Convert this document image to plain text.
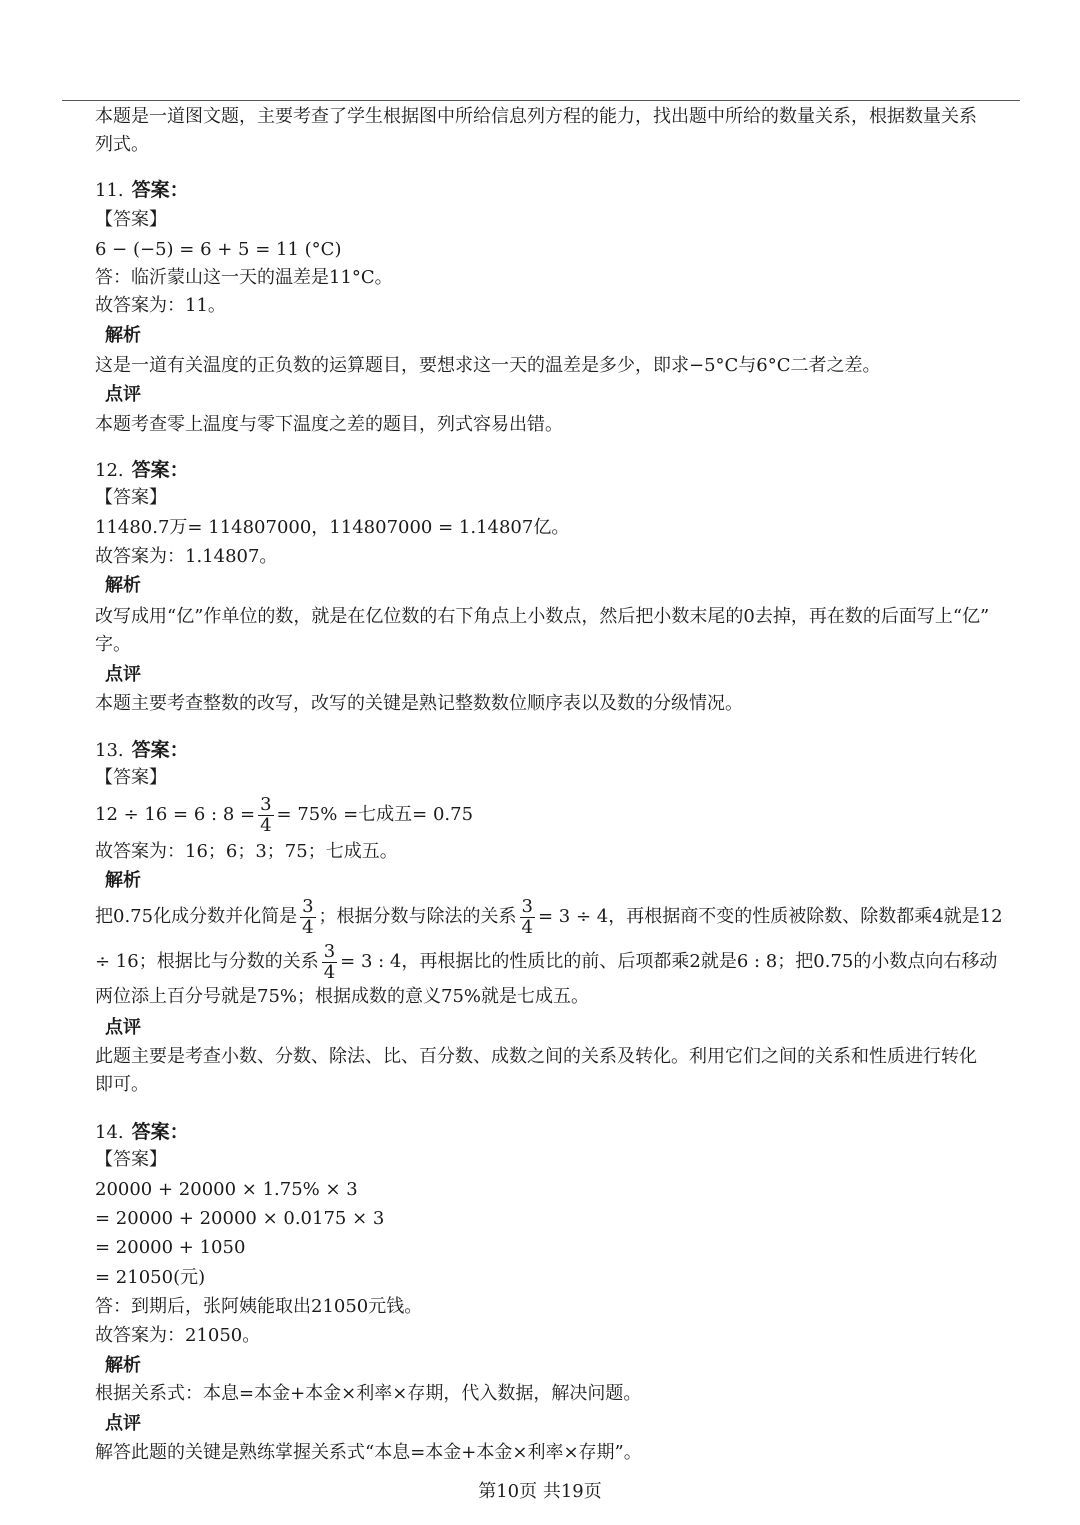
本题是一道图文题，主要考查了学生根据图中所给信息列方程的能力，找出题中所给的数量关系，根据数量关系
列式。
11. 答案：
【答案】
6 − (−5) = 6 + 5 = 11 (°C)
答：临沂蒙山这一天的温差是11°C。
故答案为：11。
解析
这是一道有关温度的正负数的运算题目，要想求这一天的温差是多少，即求−5°C与6°C二者之差。
点评
本题考查零上温度与零下温度之差的题目，列式容易出错。
12. 答案：
【答案】
11480.7万= 114807000，114807000 = 1.14807亿。
故答案为：1.14807。
解析
改写成用“亿”作单位的数，就是在亿位数的右下角点上小数点，然后把小数末尾的0去掉，再在数的后面写上“亿”
字。
点评
本题主要考查整数的改写，改写的关键是熟记整数数位顺序表以及数的分级情况。
13. 答案：
【答案】
12 ÷ 16 = 6 : $8 = \frac{3}{4} = 75\%$ =七成五= 0.75
故答案为：16；6；3；75；七成五。
解析
把0.75化成分数并化简是 $\frac{3}{4}$ ；根据分数与除法的关系 $\frac{3}{4} = 3 \div 4$，再根据商不变的性质被除数、除数都乘4就是12
÷ 16；根据比与分数的关系 $\frac{3}{4} = 3$ : 4，再根据比的性质比的前、后项都乘2就是6 : 8；把0.75的小数点向右移动
两位添上百分号就是75%；根据成数的意义75%就是七成五。
点评
此题主要是考查小数、分数、除法、比、百分数、成数之间的关系及转化。利用它们之间的关系和性质进行转化
即可。
14. 答案：
【答案】
20000 + 20000 × 1.75% × 3
= 20000 + 20000 × 0.0175 × 3
= 20000 + 1050
= 21050(元)
答：到期后，张阿姨能取出21050元钱。
故答案为：21050。
解析
根据关系式：本息=本金+本金×利率×存期，代入数据，解决问题。
点评
解答此题的关键是熟练掌握关系式“本息=本金+本金×利率×存期”。
第10页 共19页
